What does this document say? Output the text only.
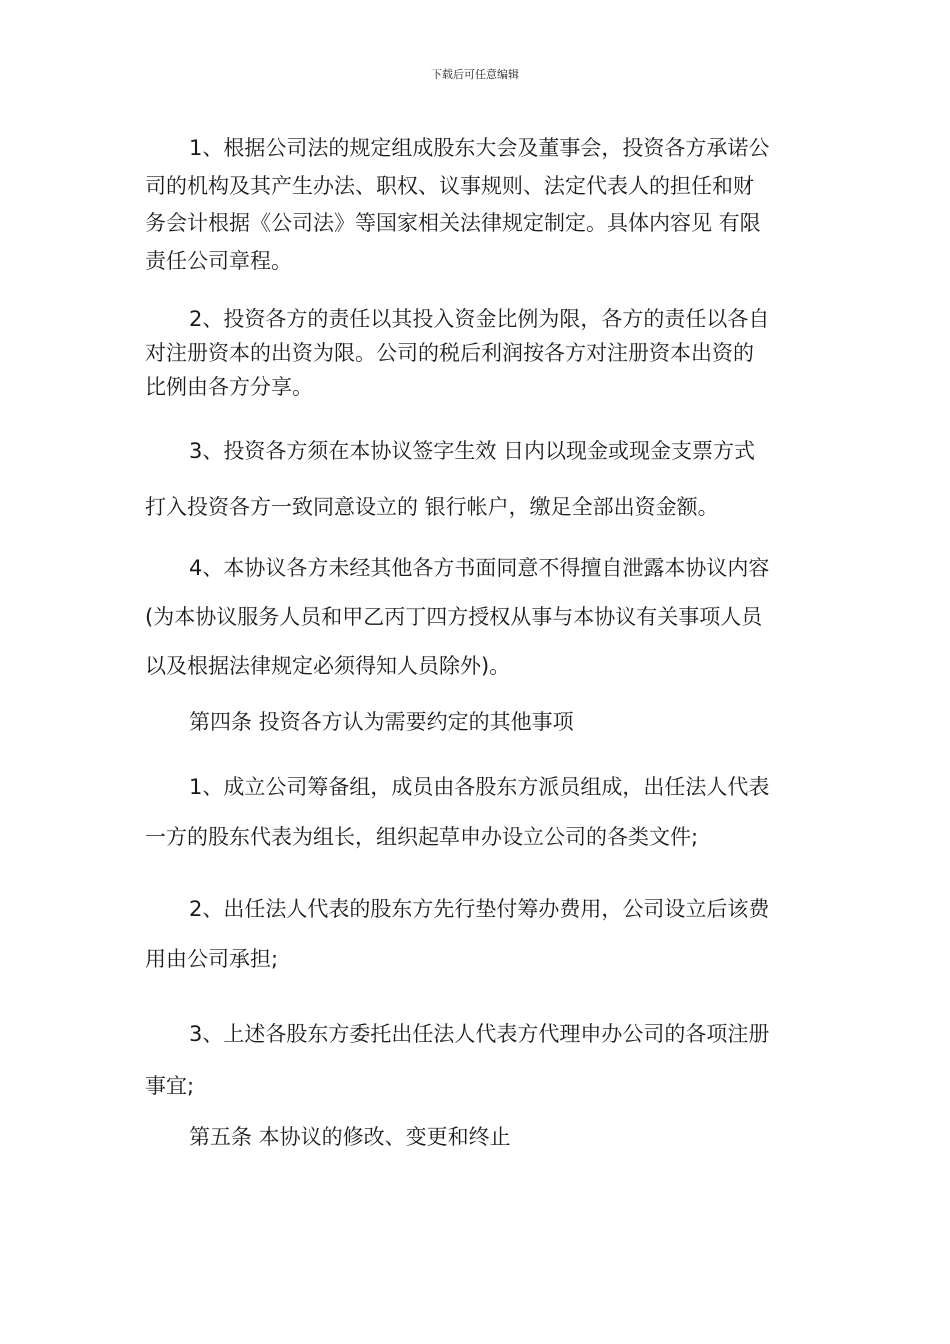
下载后可任意编辑

1、根据公司法的规定组成股东大会及董事会，投资各方承诺公
司的机构及其产生办法、职权、议事规则、法定代表人的担任和财
务会计根据《公司法》等国家相关法律规定制定。具体内容见 有限
责任公司章程。

2、投资各方的责任以其投入资金比例为限，各方的责任以各自
对注册资本的出资为限。公司的税后利润按各方对注册资本出资的
比例由各方分享。

3、投资各方须在本协议签字生效 日内以现金或现金支票方式
打入投资各方一致同意设立的 银行帐户，缴足全部出资金额。

4、本协议各方未经其他各方书面同意不得擅自泄露本协议内容
(为本协议服务人员和甲乙丙丁四方授权从事与本协议有关事项人员
以及根据法律规定必须得知人员除外)。

第四条 投资各方认为需要约定的其他事项

1、成立公司筹备组，成员由各股东方派员组成，出任法人代表
一方的股东代表为组长，组织起草申办设立公司的各类文件;

2、出任法人代表的股东方先行垫付筹办费用，公司设立后该费
用由公司承担;

3、上述各股东方委托出任法人代表方代理申办公司的各项注册
事宜;

第五条 本协议的修改、变更和终止
